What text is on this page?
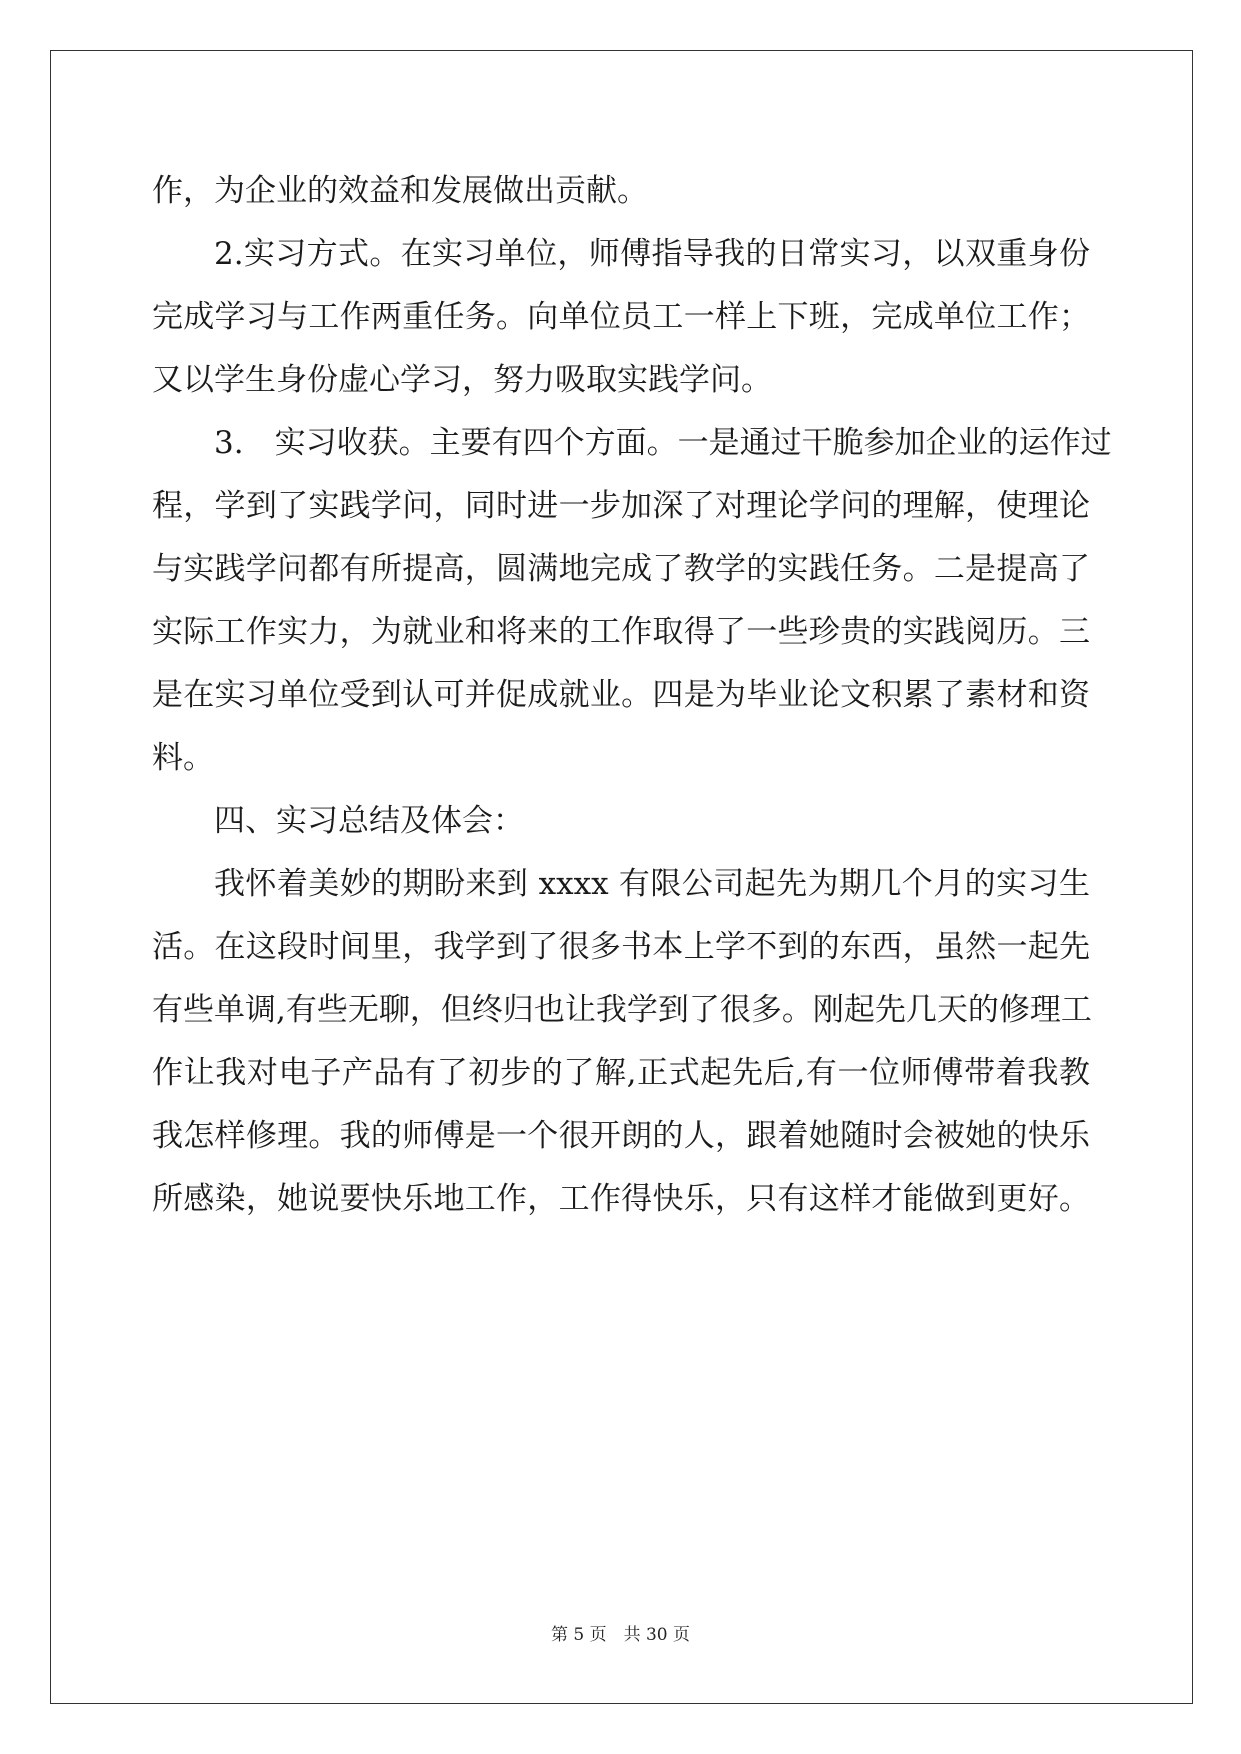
作，为企业的效益和发展做出贡献。
2.实习方式。在实习单位，师傅指导我的日常实习，以双重身份
完成学习与工作两重任务。向单位员工一样上下班，完成单位工作；
又以学生身份虚心学习，努力吸取实践学问。
3.　实习收获。主要有四个方面。一是通过干脆参加企业的运作过
程，学到了实践学问，同时进一步加深了对理论学问的理解，使理论
与实践学问都有所提高，圆满地完成了教学的实践任务。二是提高了
实际工作实力，为就业和将来的工作取得了一些珍贵的实践阅历。三
是在实习单位受到认可并促成就业。四是为毕业论文积累了素材和资
料。
四、实习总结及体会：
我怀着美妙的期盼来到 xxxx 有限公司起先为期几个月的实习生
活。在这段时间里，我学到了很多书本上学不到的东西，虽然一起先
有些单调,有些无聊，但终归也让我学到了很多。刚起先几天的修理工
作让我对电子产品有了初步的了解,正式起先后,有一位师傅带着我教
我怎样修理。我的师傅是一个很开朗的人，跟着她随时会被她的快乐
所感染，她说要快乐地工作，工作得快乐，只有这样才能做到更好。
第 5 页　共 30 页
